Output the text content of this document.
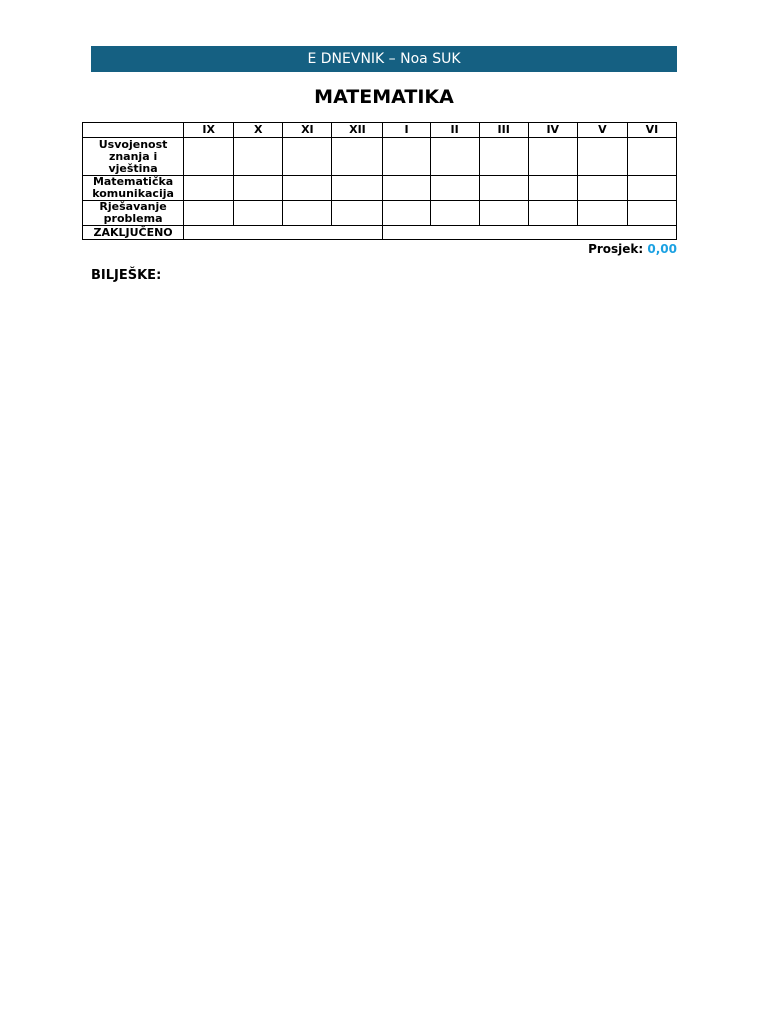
E DNEVNIK – Noa SUK
MATEMATIKA
	IX	X	XI	XII	I	II	III	IV	V	VI
Usvojenost znanja i vještina										
Matematička komunikacija										
Rješavanje problema										
ZAKLJUČENO										
Prosjek: 0,00
BILJEŠKE:
